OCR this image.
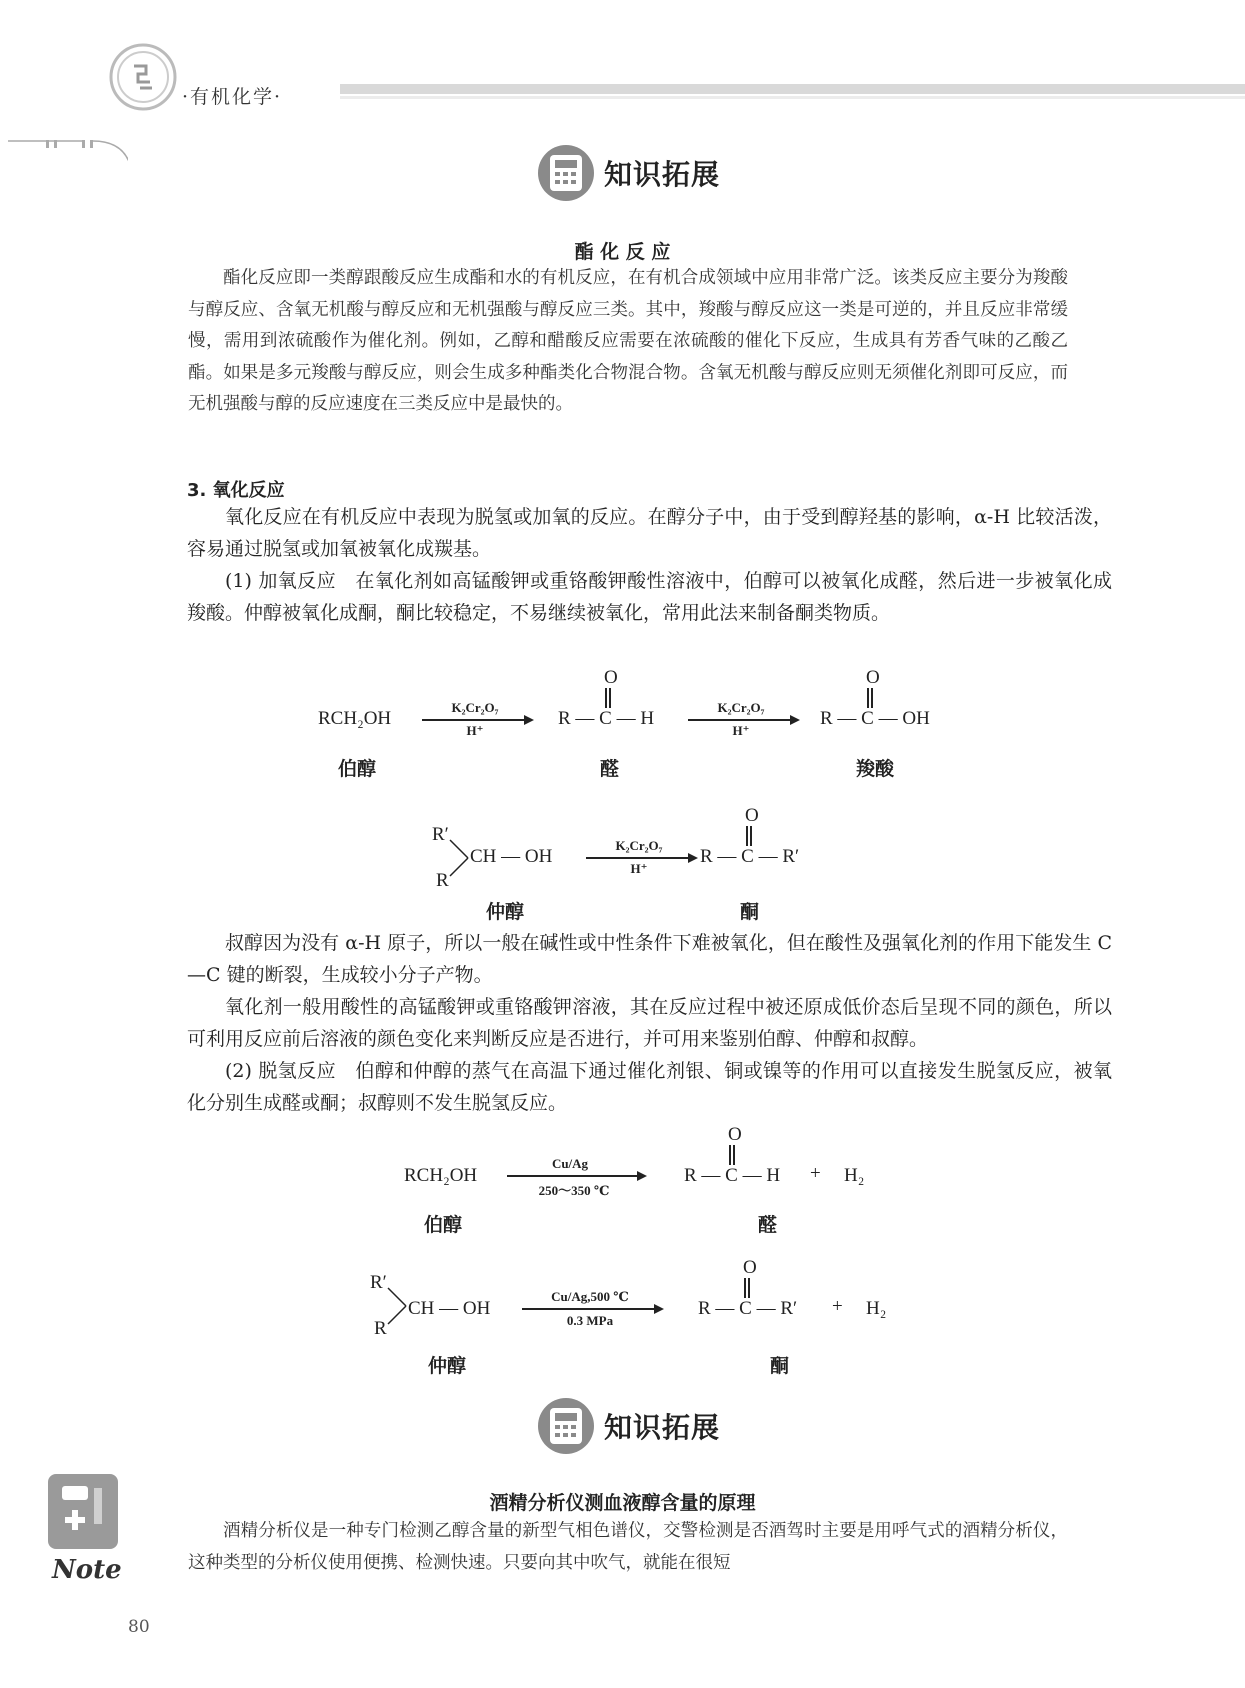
·有机化学·
知识拓展
酯 化 反 应

酯化反应即一类醇跟酸反应生成酯和水的有机反应，在有机合成领域中应用非常广泛。该类反应主要分为羧酸与醇反应、含氧无机酸与醇反应和无机强酸与醇反应三类。其中，羧酸与醇反应这一类是可逆的，并且反应非常缓慢，需用到浓硫酸作为催化剂。例如，乙醇和醋酸反应需要在浓硫酸的催化下反应，生成具有芳香气味的乙酸乙酯。如果是多元羧酸与醇反应，则会生成多种酯类化合物混合物。含氧无机酸与醇反应则无须催化剂即可反应，而无机强酸与醇的反应速度在三类反应中是最快的。

3. 氧化反应

氧化反应在有机反应中表现为脱氢或加氧的反应。在醇分子中，由于受到醇羟基的影响，α-H 比较活泼，容易通过脱氢或加氧被氧化成羰基。

(1) 加氧反应　在氧化剂如高锰酸钾或重铬酸钾酸性溶液中，伯醇可以被氧化成醛，然后进一步被氧化成羧酸。仲醇被氧化成酮，酮比较稳定，不易继续被氧化，常用此法来制备酮类物质。

RCH₂OH
K₂Cr₂O₇
H⁺
R — C — H
O
K₂Cr₂O₇
H⁺
R — C — OH
O
伯醇	醛	羧酸
R′
R
CH — OH
K₂Cr₂O₇
H⁺
R — C — R′
O
仲醇	酮

叔醇因为没有 α-H 原子，所以一般在碱性或中性条件下难被氧化，但在酸性及强氧化剂的作用下能发生 C—C 键的断裂，生成较小分子产物。

氧化剂一般用酸性的高锰酸钾或重铬酸钾溶液，其在反应过程中被还原成低价态后呈现不同的颜色，所以可利用反应前后溶液的颜色变化来判断反应是否进行，并可用来鉴别伯醇、仲醇和叔醇。

(2) 脱氢反应　伯醇和仲醇的蒸气在高温下通过催化剂银、铜或镍等的作用可以直接发生脱氢反应，被氧化分别生成醛或酮；叔醇则不发生脱氢反应。

RCH₂OH
Cu/Ag
250～350 ℃
R — C — H
O
+ H₂
伯醇	醛
R′
R
CH — OH
Cu/Ag,500 ℃
0.3 MPa
R — C — R′
O
+ H₂
仲醇	酮
知识拓展
酒精分析仪测血液醇含量的原理

酒精分析仪是一种专门检测乙醇含量的新型气相色谱仪，交警检测是否酒驾时主要是用呼气式的酒精分析仪，这种类型的分析仪使用便携、检测快速。只要向其中吹气，就能在很短

Note
80
